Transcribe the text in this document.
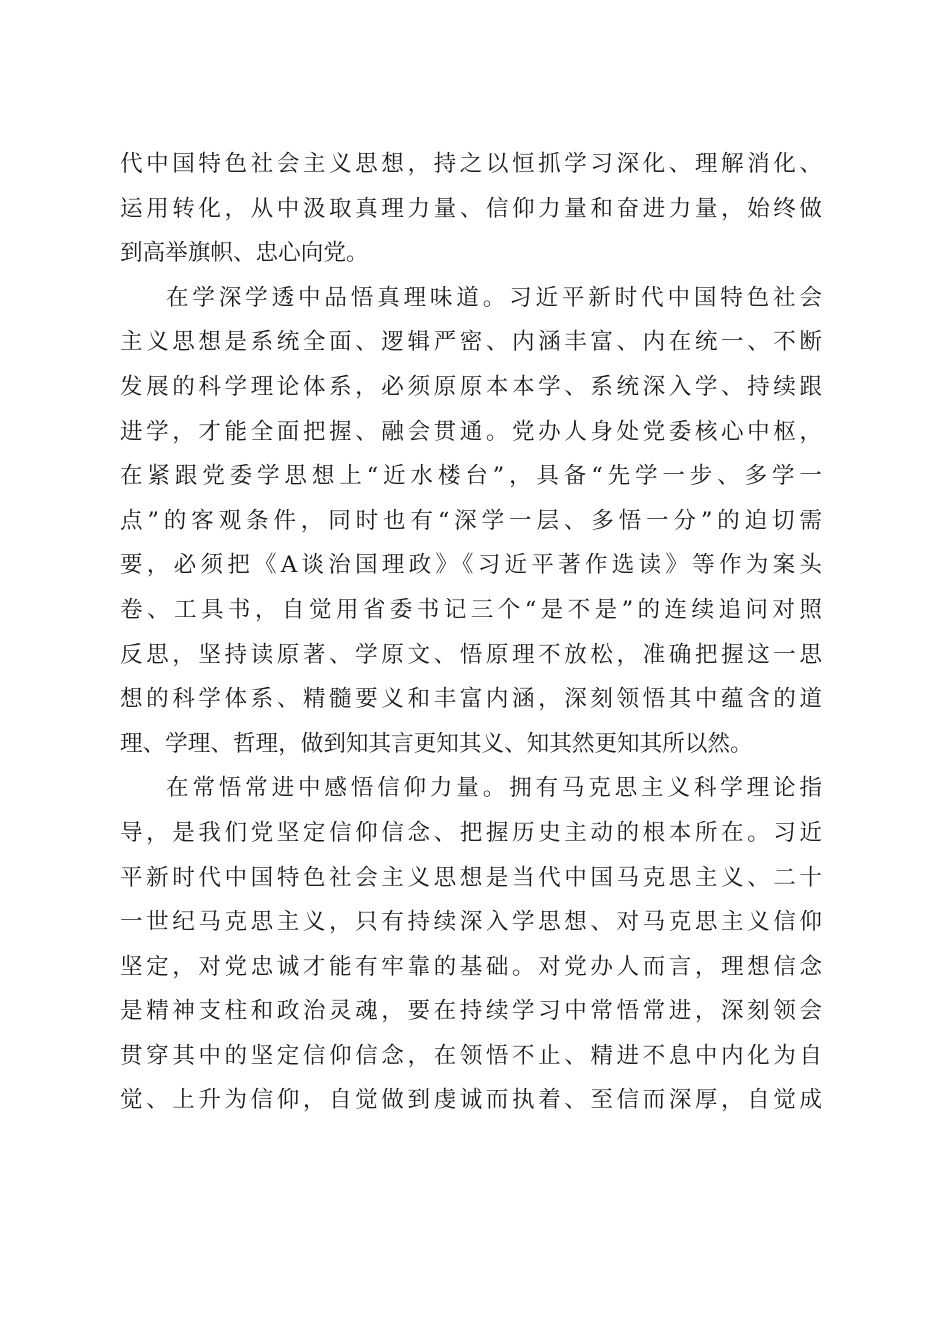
代中国特色社会主义思想，持之以恒抓学习深化、理解消化、
运用转化，从中汲取真理力量、信仰力量和奋进力量，始终做
到高举旗帜、忠心向党。
在学深学透中品悟真理味道。习近平新时代中国特色社会
主义思想是系统全面、逻辑严密、内涵丰富、内在统一、不断
发展的科学理论体系，必须原原本本学、系统深入学、持续跟
进学，才能全面把握、融会贯通。党办人身处党委核心中枢，
在紧跟党委学思想上“近水楼台”，具备“先学一步、多学一
点”的客观条件，同时也有“深学一层、多悟一分”的迫切需
要，必须把《A谈治国理政》《习近平著作选读》等作为案头
卷、工具书，自觉用省委书记三个“是不是”的连续追问对照
反思，坚持读原著、学原文、悟原理不放松，准确把握这一思
想的科学体系、精髓要义和丰富内涵，深刻领悟其中蕴含的道
理、学理、哲理，做到知其言更知其义、知其然更知其所以然。
在常悟常进中感悟信仰力量。拥有马克思主义科学理论指
导，是我们党坚定信仰信念、把握历史主动的根本所在。习近
平新时代中国特色社会主义思想是当代中国马克思主义、二十
一世纪马克思主义，只有持续深入学思想、对马克思主义信仰
坚定，对党忠诚才能有牢靠的基础。对党办人而言，理想信念
是精神支柱和政治灵魂，要在持续学习中常悟常进，深刻领会
贯穿其中的坚定信仰信念，在领悟不止、精进不息中内化为自
觉、上升为信仰，自觉做到虔诚而执着、至信而深厚，自觉成
